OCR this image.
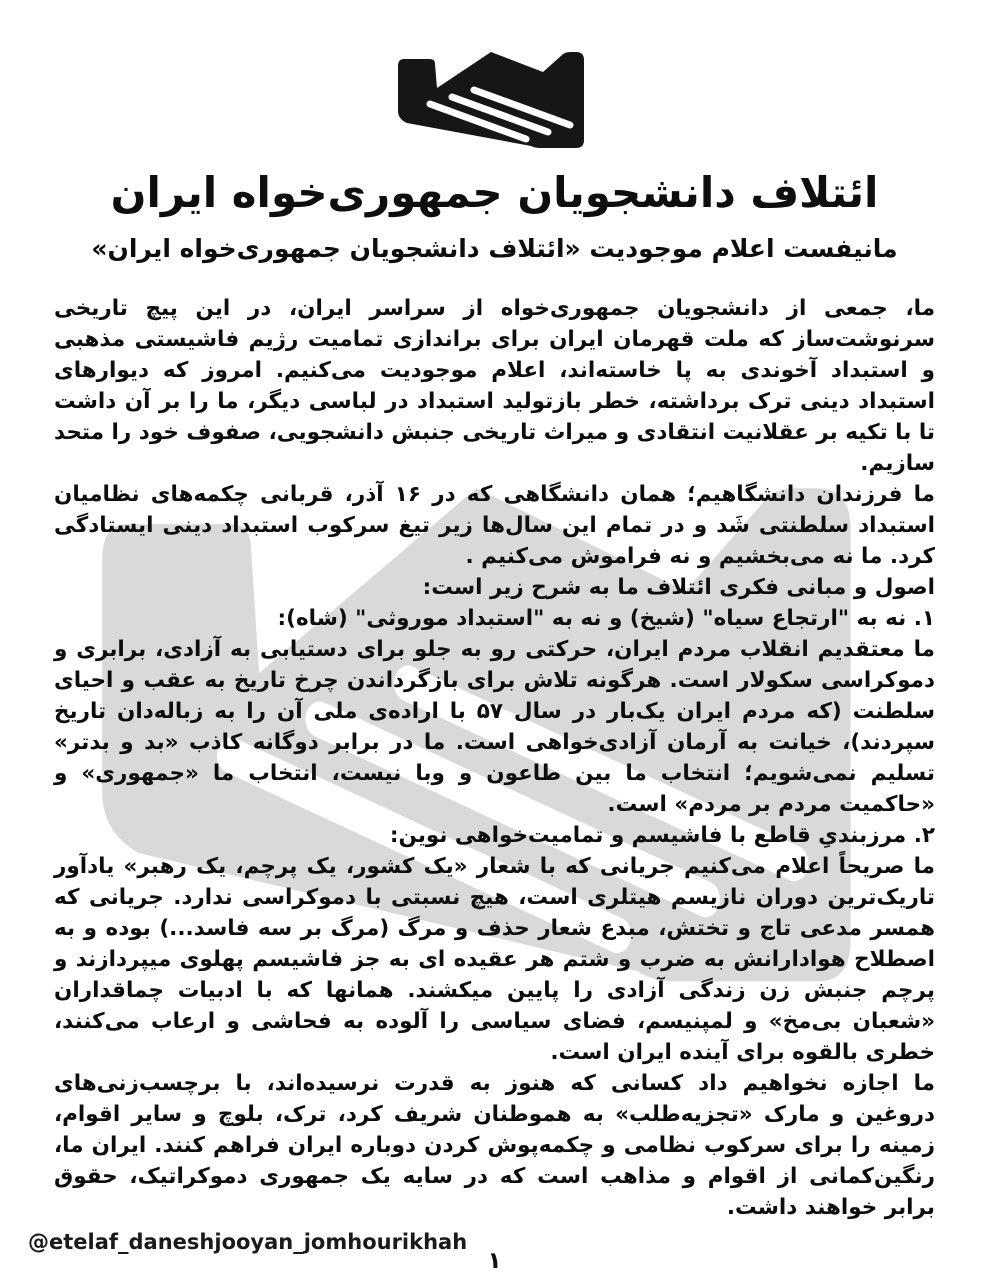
ائتلاف دانشجویان جمهوری‌خواه ایران
مانیفست اعلام موجودیت «ائتلاف دانشجویان جمهوری‌خواه ایران»

ما، جمعی از دانشجویان جمهوری‌خواه از سراسر ایران، در این پیچ تاریخی سرنوشت‌ساز که ملت قهرمان ایران برای براندازی تمامیت رژیم فاشیستی مذهبی و استبداد آخوندی به پا خاسته‌اند، اعلام موجودیت می‌کنیم. امروز که دیوارهای استبداد دینی ترک برداشته، خطر بازتولید استبداد در لباسی دیگر، ما را بر آن داشت تا با تکیه بر عقلانیت انتقادی و میراث تاریخی جنبش دانشجویی، صفوف خود را متحد سازیم.

ما فرزندان دانشگاهیم؛ همان دانشگاهی که در ۱۶ آذر، قربانی چکمه‌های نظامیان استبداد سلطنتی شَد و در تمام این سال‌ها زیر تیغ سرکوب استبداد دینی ایستادگی کرد. ما نه می‌بخشیم و نه فراموش می‌کنیم .

اصول و مبانی فکری ائتلاف ما به شرح زیر است:

۱. نه به "ارتجاع سیاه" (شیخ) و نه به "استبداد موروثی" (شاه):

ما معتقدیم انقلاب مردم ایران، حرکتی رو به جلو برای دستیابی به آزادی، برابری و دموکراسی سکولار است. هرگونه تلاش برای بازگرداندن چرخ تاریخ به عقب و احیای سلطنت (که مردم ایران یک‌بار در سال ۵۷ با اراده‌ی ملی آن را به زباله‌دان تاریخ سپردند)، خیانت به آرمان آزادی‌خواهی است. ما در برابر دوگانه کاذب «بد و بدتر» تسلیم نمی‌شویم؛ انتخاب ما بین طاعون و وبا نیست، انتخاب ما «جمهوری» و «حاکمیت مردم بر مردم» است.

۲. مرزبندیِ قاطع با فاشیسم و تمامیت‌خواهی نوین:

ما صریحاً اعلام می‌کنیم جریانی که با شعار «یک کشور، یک پرچم، یک رهبر» یادآور تاریک‌ترین دوران نازیسم هیتلری است، هیچ نسبتی با دموکراسی ندارد. جریانی که همسر مدعی تاج و تختش، مبدع شعار حذف و مرگ (مرگ بر سه فاسد...) بوده و به اصطلاح هوادارانش به ضرب و شتم هر عقیده ای به جز فاشیسم پهلوی میپردازند و پرچم جنبش زن زندگی آزادی را پایین میکشند. همانها که با ادبیات چماقداران «شعبان بی‌مخ» و لمپنیسم، فضای سیاسی را آلوده به فحاشی و ارعاب می‌کنند، خطری بالقوه برای آینده ایران است.

ما اجازه نخواهیم داد کسانی که هنوز به قدرت نرسیده‌اند، با برچسب‌زنی‌های دروغین و مارک «تجزیه‌طلب» به هموطنان شریف کرد، ترک، بلوچ و سایر اقوام، زمینه را برای سرکوب نظامی و چکمه‌پوش کردن دوباره ایران فراهم کنند. ایران ما، رنگین‌کمانی از اقوام و مذاهب است که در سایه یک جمهوری دموکراتیک، حقوق برابر خواهند داشت.

@etelaf_daneshjooyan_jomhourikhah
۱
